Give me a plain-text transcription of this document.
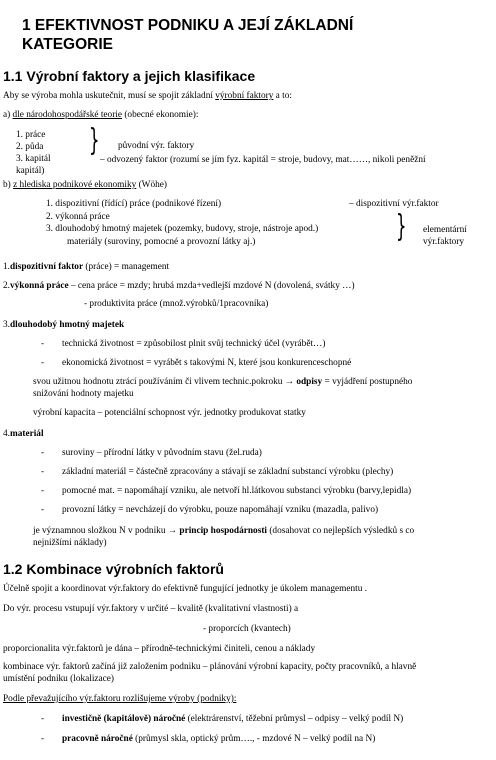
1 EFEKTIVNOST PODNIKU A JEJÍ ZÁKLADNÍ
KATEGORIE
1.1 Výrobní faktory a jejich klasifikace
Aby se výroba mohla uskutečnit, musí se spojit základní výrobní faktory a to:
a) dle národohospodářské teorie (obecné ekonomie):
1. práce
2. půda
3. kapitál
} původní výr. faktory
– odvozený faktor (rozumí se jím fyz. kapitál = stroje, budovy, mat……, nikoli peněžní
kapitál)
b) z hlediska podnikové ekonomiky (Wöhe)
1. dispozitivní (řídící) práce (podnikové řízení)	– dispozitivní výr.faktor
2. výkonná práce
3. dlouhodobý hmotný majetek (pozemky, budovy, stroje, nástroje apod.)
materiály (suroviny, pomocné a provozní látky aj.)	} elementární
výr.faktory
1.dispozitivní faktor (práce) = management
2.výkonná práce – cena práce = mzdy; hrubá mzda+vedlejší mzdové N (dovolená, svátky …)
- produktivita práce (množ.výrobků/1pracovníka)
3.dlouhodobý hmotný majetek
- technická životnost = způsobilost plnit svůj technický účel (vyrábět…)
- ekonomická životnost = vyrábět s takovými N, které jsou konkurenceschopné
svou užitnou hodnotu ztrácí používáním či vlivem technic.pokroku → odpisy = vyjádření postupného
snižování hodnoty majetku
výrobní kapacita – potenciální schopnost výr. jednotky produkovat statky
4.materiál
- suroviny – přírodní látky v původním stavu (žel.ruda)
- základní materiál = částečně zpracovány a stávají se základní substancí výrobku (plechy)
- pomocné mat. = napomáhají vzniku, ale netvoří hl.látkovou substanci výrobku (barvy,lepidla)
- provozní látky = nevcházejí do výrobku, pouze napomáhají vzniku (mazadla, palivo)
je významnou složkou N v podniku → princip hospodárnosti (dosahovat co nejlepších výsledků s co
nejnižšími náklady)
1.2 Kombinace výrobních faktorů
Účelně spojit a koordinovat výr.faktory do efektivně fungující jednotky je úkolem managementu .
Do výr. procesu vstupují výr.faktory v určité – kvalitě (kvalitativní vlastnosti) a
- proporcích (kvantech)
proporcionalita výr.faktorů je dána – přírodně-technickými činiteli, cenou a náklady
kombinace výr. faktorů začíná již založením podniku – plánování výrobní kapacity, počty pracovníků, a hlavně
umístění podniku (lokalizace)
Podle převažujícího výr.faktoru rozlišujeme výroby (podniky):
- investičně (kapitálově) náročné (elektrárenství, těžební průmysl – odpisy – velký podíl N)
- pracovně náročné (průmysl skla, optický prům…., - mzdové N – velký podíl na N)
